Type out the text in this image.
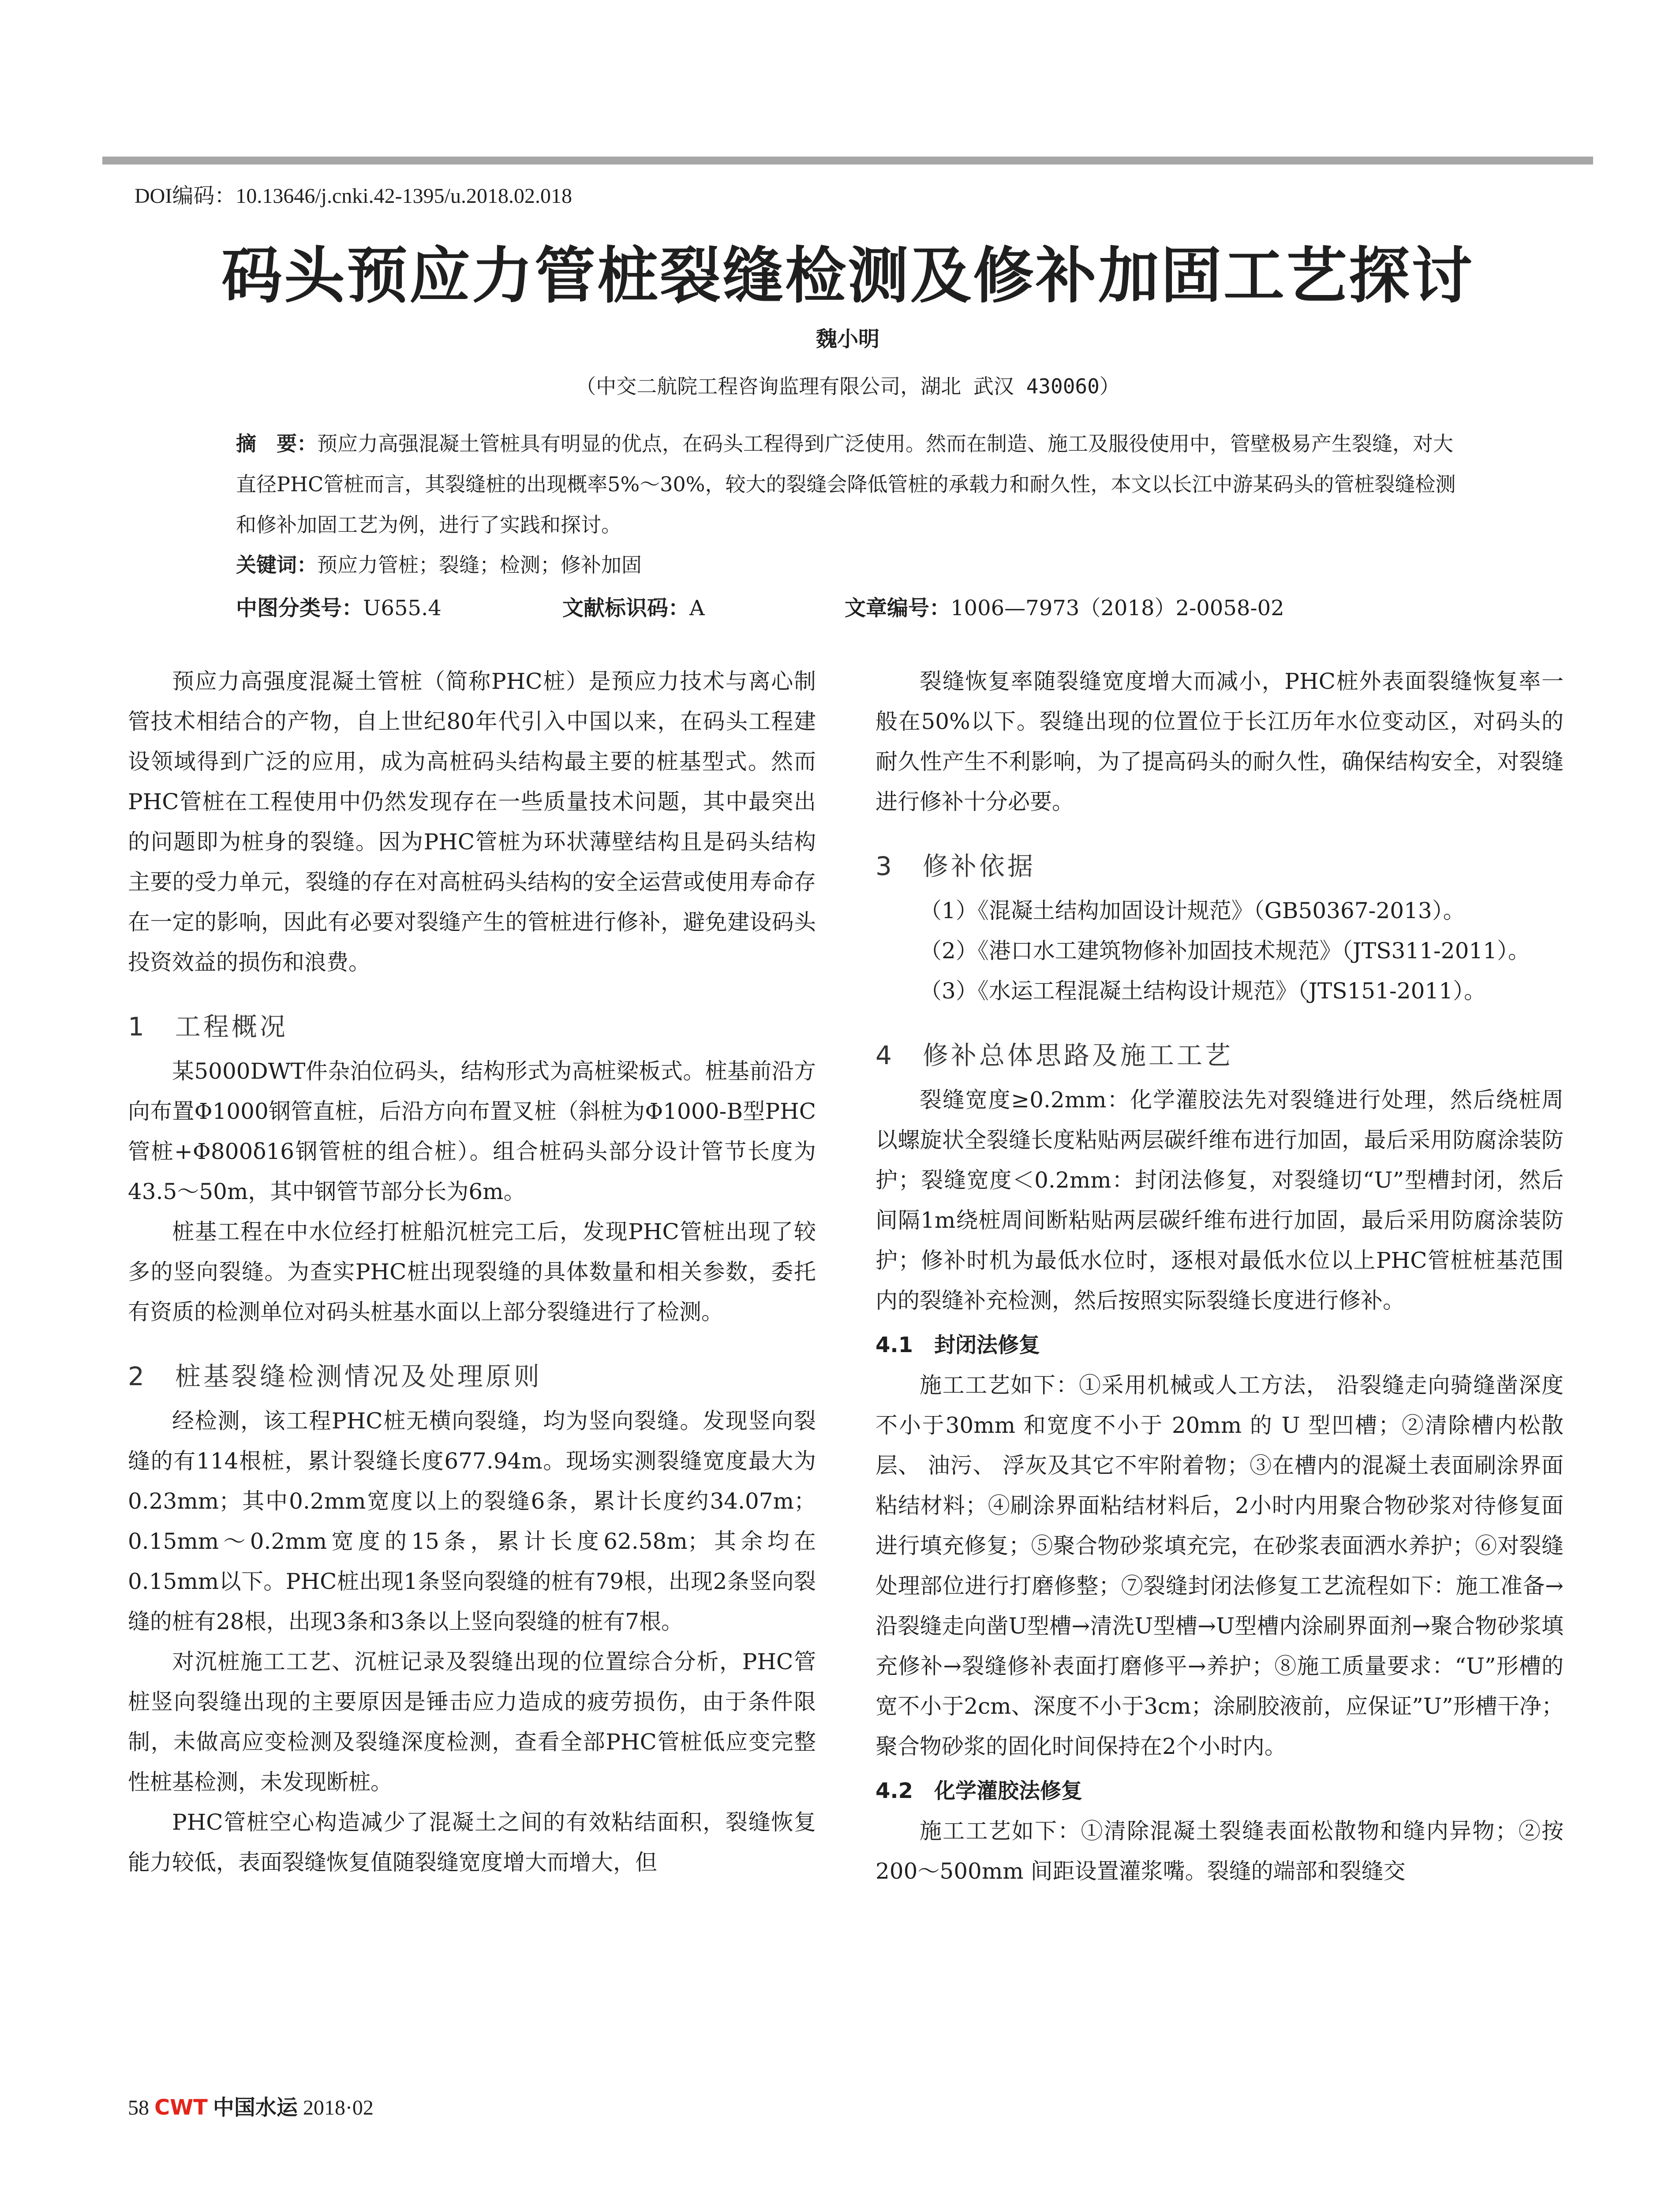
DOI编码：10.13646/j.cnki.42-1395/u.2018.02.018
码头预应力管桩裂缝检测及修补加固工艺探讨
魏小明
（中交二航院工程咨询监理有限公司，湖北 武汉 430060）
摘　要：预应力高强混凝土管桩具有明显的优点，在码头工程得到广泛使用。然而在制造、施工及服役使用中，管壁极易产生裂缝，对大直径PHC管桩而言，其裂缝桩的出现概率5%～30%，较大的裂缝会降低管桩的承载力和耐久性，本文以长江中游某码头的管桩裂缝检测和修补加固工艺为例，进行了实践和探讨。
关键词：预应力管桩；裂缝；检测；修补加固
中图分类号：U655.4	文献标识码：A	文章编号：1006—7973（2018）2-0058-02

预应力高强度混凝土管桩（简称PHC桩）是预应力技术与离心制管技术相结合的产物，自上世纪80年代引入中国以来，在码头工程建设领域得到广泛的应用，成为高桩码头结构最主要的桩基型式。然而PHC管桩在工程使用中仍然发现存在一些质量技术问题，其中最突出的问题即为桩身的裂缝。因为PHC管桩为环状薄壁结构且是码头结构主要的受力单元，裂缝的存在对高桩码头结构的安全运营或使用寿命存在一定的影响，因此有必要对裂缝产生的管桩进行修补，避免建设码头投资效益的损伤和浪费。

1　工程概况

某5000DWT件杂泊位码头，结构形式为高桩梁板式。桩基前沿方向布置Φ1000钢管直桩，后沿方向布置叉桩（斜桩为Φ1000-B型PHC管桩+Φ800δ16钢管桩的组合桩）。组合桩码头部分设计管节长度为43.5～50m，其中钢管节部分长为6m。

桩基工程在中水位经打桩船沉桩完工后，发现PHC管桩出现了较多的竖向裂缝。为查实PHC桩出现裂缝的具体数量和相关参数，委托有资质的检测单位对码头桩基水面以上部分裂缝进行了检测。

2　桩基裂缝检测情况及处理原则

经检测，该工程PHC桩无横向裂缝，均为竖向裂缝。发现竖向裂缝的有114根桩，累计裂缝长度677.94m。现场实测裂缝宽度最大为0.23mm；其中0.2mm宽度以上的裂缝6条，累计长度约34.07m；0.15mm～0.2mm宽度的15条，累计长度62.58m；其余均在0.15mm以下。PHC桩出现1条竖向裂缝的桩有79根，出现2条竖向裂缝的桩有28根，出现3条和3条以上竖向裂缝的桩有7根。

对沉桩施工工艺、沉桩记录及裂缝出现的位置综合分析，PHC管桩竖向裂缝出现的主要原因是锤击应力造成的疲劳损伤，由于条件限制，未做高应变检测及裂缝深度检测，查看全部PHC管桩低应变完整性桩基检测，未发现断桩。

PHC管桩空心构造减少了混凝土之间的有效粘结面积，裂缝恢复能力较低，表面裂缝恢复值随裂缝宽度增大而增大，但

裂缝恢复率随裂缝宽度增大而减小，PHC桩外表面裂缝恢复率一般在50%以下。裂缝出现的位置位于长江历年水位变动区，对码头的耐久性产生不利影响，为了提高码头的耐久性，确保结构安全，对裂缝进行修补十分必要。

3　修补依据

（1）《混凝土结构加固设计规范》（GB50367-2013）。

（2）《港口水工建筑物修补加固技术规范》（JTS311-2011）。

（3）《水运工程混凝土结构设计规范》（JTS151-2011）。

4　修补总体思路及施工工艺

裂缝宽度≥0.2mm：化学灌胶法先对裂缝进行处理，然后绕桩周以螺旋状全裂缝长度粘贴两层碳纤维布进行加固，最后采用防腐涂装防护；裂缝宽度＜0.2mm：封闭法修复，对裂缝切“U”型槽封闭，然后间隔1m绕桩周间断粘贴两层碳纤维布进行加固，最后采用防腐涂装防护；修补时机为最低水位时，逐根对最低水位以上PHC管桩桩基范围内的裂缝补充检测，然后按照实际裂缝长度进行修补。

4.1　封闭法修复

施工工艺如下：①采用机械或人工方法， 沿裂缝走向骑缝凿深度不小于30mm 和宽度不小于 20mm 的 U 型凹槽；②清除槽内松散层、 油污、 浮灰及其它不牢附着物；③在槽内的混凝土表面刷涂界面粘结材料；④刷涂界面粘结材料后，2小时内用聚合物砂浆对待修复面进行填充修复；⑤聚合物砂浆填充完，在砂浆表面洒水养护；⑥对裂缝处理部位进行打磨修整；⑦裂缝封闭法修复工艺流程如下：施工准备→沿裂缝走向凿U型槽→清洗U型槽→U型槽内涂刷界面剂→聚合物砂浆填充修补→裂缝修补表面打磨修平→养护；⑧施工质量要求：“U”形槽的宽不小于2cm、深度不小于3cm；涂刷胶液前，应保证”U”形槽干净；聚合物砂浆的固化时间保持在2个小时内。

4.2　化学灌胶法修复

施工工艺如下：①清除混凝土裂缝表面松散物和缝内异物；②按 200～500mm 间距设置灌浆嘴。裂缝的端部和裂缝交

58 CWT 中国水运 2018·02
